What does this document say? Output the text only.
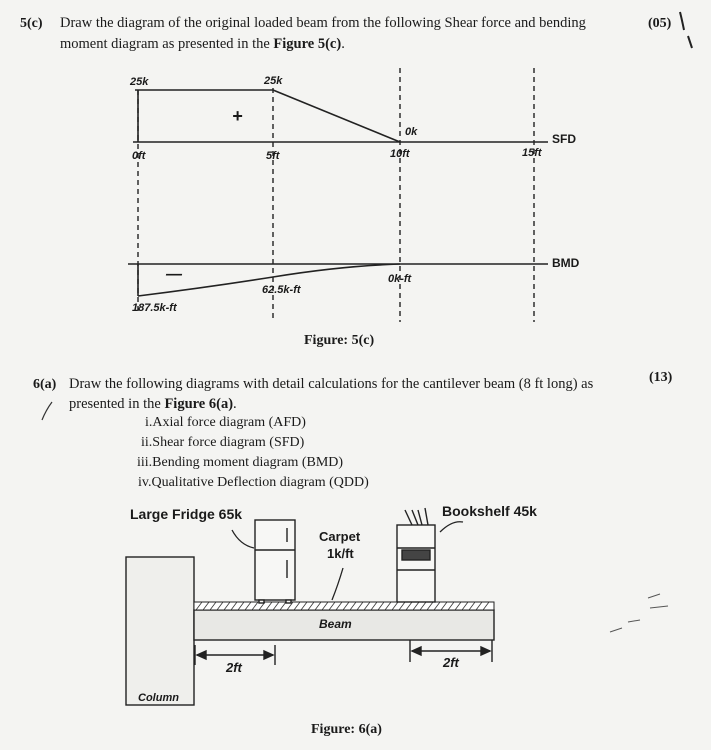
5(c) Draw the diagram of the original loaded beam from the following Shear force and bending
moment diagram as presented in the Figure 5(c).
(05)
25k	25k
+
0k	SFD
0ft	5ft	10ft	15ft
BMD
—	0k-ft
62.5k-ft
187.5k-ft
Figure: 5(c)
6(a) Draw the following diagrams with detail calculations for the cantilever beam (8 ft long) as
presented in the Figure 6(a).
(13)
i.Axial force diagram (AFD)
ii.Shear force diagram (SFD)
iii.Bending moment diagram (BMD)
iv.Qualitative Deflection diagram (QDD)
Large Fridge 65k
Carpet
1k/ft
Bookshelf 45k
Beam
Column
2ft	2ft
Figure: 6(a)
